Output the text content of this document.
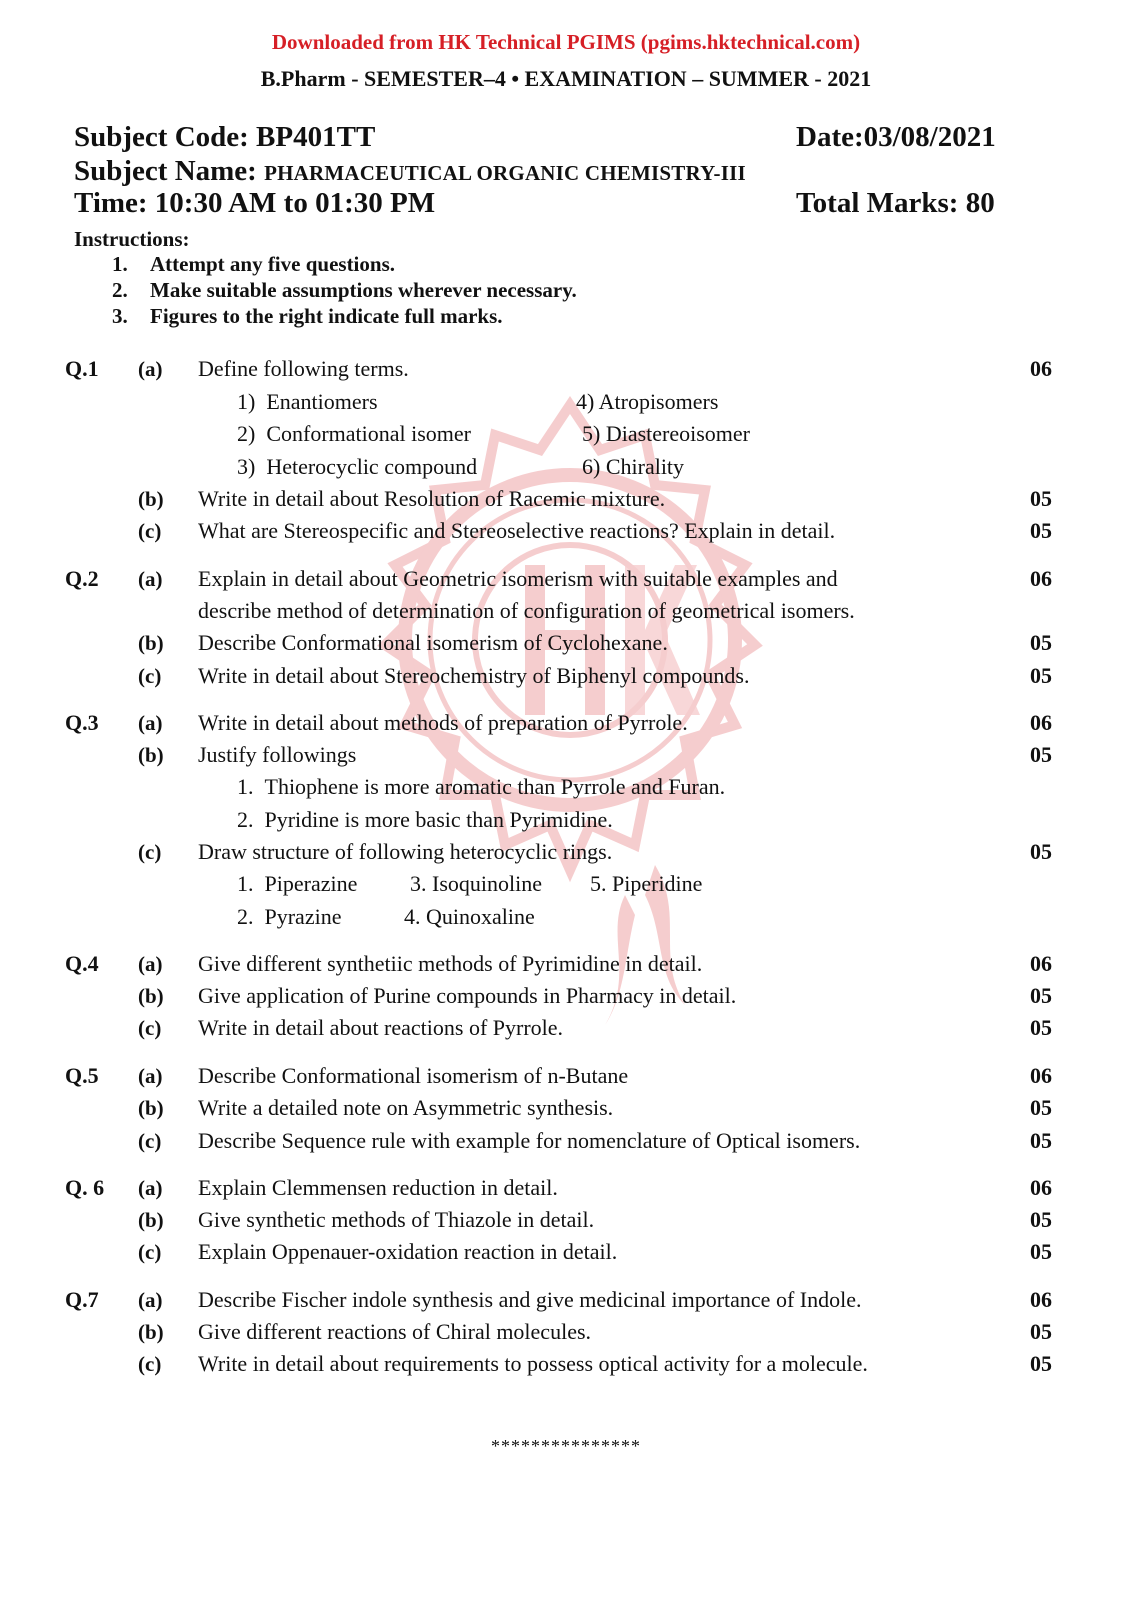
Downloaded from HK Technical PGIMS (pgims.hktechnical.com)
B.Pharm - SEMESTER–4 • EXAMINATION – SUMMER - 2021
Subject Code: BP401TT	Date:03/08/2021
Subject Name: PHARMACEUTICAL ORGANIC CHEMISTRY-III
Time: 10:30 AM to 01:30 PM	Total Marks: 80
Instructions:
1. Attempt any five questions.
2. Make suitable assumptions wherever necessary.
3. Figures to the right indicate full marks.
Q.1 (a) Define following terms.	06
1)  Enantiomers	4) Atropisomers
2)  Conformational isomer	5) Diastereoisomer
3)  Heterocyclic compound	6) Chirality
(b) Write in detail about Resolution of Racemic mixture.	05
(c) What are Stereospecific and Stereoselective reactions? Explain in detail.	05
Q.2 (a) Explain in detail about Geometric isomerism with suitable examples and
describe method of determination of configuration of geometrical isomers.
06
(b) Describe Conformational isomerism of Cyclohexane.	05
(c) Write in detail about Stereochemistry of Biphenyl compounds.	05
Q.3 (a) Write in detail about methods of preparation of Pyrrole.	06
(b) Justify followings	05
1.  Thiophene is more aromatic than Pyrrole and Furan.
2.  Pyridine is more basic than Pyrimidine.
(c) Draw structure of following heterocyclic rings.	05
1.  Piperazine 3. Isoquinoline 5. Piperidine
2.  Pyrazine	4. Quinoxaline
Q.4 (a) Give different synthetiic methods of Pyrimidine in detail.	06
(b) Give application of Purine compounds in Pharmacy in detail.	05
(c) Write in detail about reactions of Pyrrole.	05
Q.5 (a) Describe Conformational isomerism of n-Butane	06
(b) Write a detailed note on Asymmetric synthesis.	05
(c) Describe Sequence rule with example for nomenclature of Optical isomers.	05
Q. 6 (a) Explain Clemmensen reduction in detail.	06
(b) Give synthetic methods of Thiazole in detail.	05
(c) Explain Oppenauer-oxidation reaction in detail.	05
Q.7 (a) Describe Fischer indole synthesis and give medicinal importance of Indole.	06
(b) Give different reactions of Chiral molecules.	05
(c) Write in detail about requirements to possess optical activity for a molecule.	05
***************
